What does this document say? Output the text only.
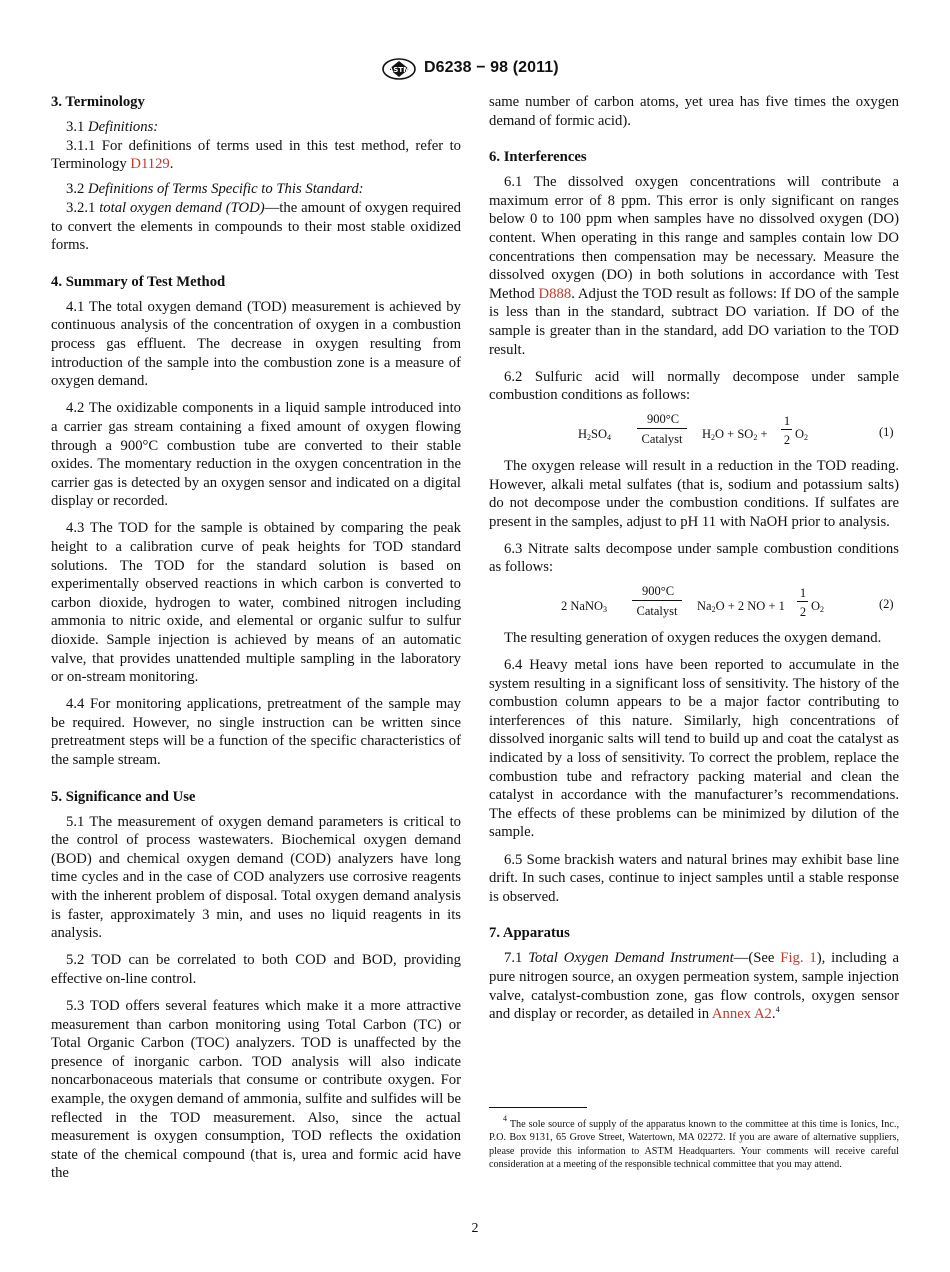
ASTM D6238 − 98 (2011)
3. Terminology

3.1 Definitions:

3.1.1 For definitions of terms used in this test method, refer to Terminology D1129.

3.2 Definitions of Terms Specific to This Standard:

3.2.1 total oxygen demand (TOD)—the amount of oxygen required to convert the elements in compounds to their most stable oxidized forms.

4. Summary of Test Method

4.1 The total oxygen demand (TOD) measurement is achieved by continuous analysis of the concentration of oxygen in a combustion process gas effluent. The decrease in oxygen resulting from introduction of the sample into the combustion zone is a measure of oxygen demand.

4.2 The oxidizable components in a liquid sample introduced into a carrier gas stream containing a fixed amount of oxygen flowing through a 900°C combustion tube are converted to their stable oxides. The momentary reduction in the oxygen concentration in the carrier gas is detected by an oxygen sensor and indicated on a digital display or recorded.

4.3 The TOD for the sample is obtained by comparing the peak height to a calibration curve of peak heights for TOD standard solutions. The TOD for the standard solution is based on experimentally observed reactions in which carbon is converted to carbon dioxide, hydrogen to water, combined nitrogen including ammonia to nitric oxide, and elemental or organic sulfur to sulfur dioxide. Sample injection is achieved by means of an automatic valve, that provides unattended multiple sampling in the laboratory or on-stream monitoring.

4.4 For monitoring applications, pretreatment of the sample may be required. However, no single instruction can be written since pretreatment steps will be a function of the specific characteristics of the sample stream.

5. Significance and Use

5.1 The measurement of oxygen demand parameters is critical to the control of process wastewaters. Biochemical oxygen demand (BOD) and chemical oxygen demand (COD) analyzers have long time cycles and in the case of COD analyzers use corrosive reagents with the inherent problem of disposal. Total oxygen demand analysis is faster, approximately 3 min, and uses no liquid reagents in its analysis.

5.2 TOD can be correlated to both COD and BOD, providing effective on-line control.

5.3 TOD offers several features which make it a more attractive measurement than carbon monitoring using Total Carbon (TC) or Total Organic Carbon (TOC) analyzers. TOD is unaffected by the presence of inorganic carbon. TOD analysis will also indicate noncarbonaceous materials that consume or contribute oxygen. For example, the oxygen demand of ammonia, sulfite and sulfides will be reflected in the TOD measurement. Also, since the actual measurement is oxygen consumption, TOD reflects the oxidation state of the chemical compound (that is, urea and formic acid have the

same number of carbon atoms, yet urea has five times the oxygen demand of formic acid).

6. Interferences

6.1 The dissolved oxygen concentrations will contribute a maximum error of 8 ppm. This error is only significant on ranges below 0 to 100 ppm when samples have no dissolved oxygen (DO) content. When operating in this range and samples contain low DO concentrations then compensation may be necessary. Measure the dissolved oxygen (DO) in both solutions in accordance with Test Method D888. Adjust the TOD result as follows: If DO of the sample is less than in the standard, subtract DO variation. If DO of the sample is greater than in the standard, add DO variation to the TOD result.

6.2 Sulfuric acid will normally decompose under sample combustion conditions as follows:

$H_2SO_4$
900°C
Catalyst	$H_2O + SO_2$ +
1
2 $O_2$	(1)

The oxygen release will result in a reduction in the TOD reading. However, alkali metal sulfates (that is, sodium and potassium salts) do not decompose under the combustion conditions. If sulfates are present in the samples, adjust to pH 11 with NaOH prior to analysis.

6.3 Nitrate salts decompose under sample combustion conditions as follows:

2 NaNO$_3$
900°C
Catalyst	$Na_2O + 2$ NO + 1
1
2 $O_2$	(2)

The resulting generation of oxygen reduces the oxygen demand.

6.4 Heavy metal ions have been reported to accumulate in the system resulting in a significant loss of sensitivity. The history of the combustion column appears to be a major factor contributing to interferences of this nature. Similarly, high concentrations of dissolved inorganic salts will tend to build up and coat the catalyst as indicated by a loss of sensitivity. To correct the problem, replace the combustion tube and refractory packing material and clean the catalyst in accordance with the manufacturer’s recommendations. The effects of these problems can be minimized by dilution of the sample.

6.5 Some brackish waters and natural brines may exhibit base line drift. In such cases, continue to inject samples until a stable response is observed.

7. Apparatus

7.1 Total Oxygen Demand Instrument—(See Fig. 1), including a pure nitrogen source, an oxygen permeation system, sample injection valve, catalyst-combustion zone, gas flow controls, oxygen sensor and display or recorder, as detailed in Annex A2.$^4$

$^4$ The sole source of supply of the apparatus known to the committee at this time is Ionics, Inc., P.O. Box 9131, 65 Grove Street, Watertown, MA 02272. If you are aware of alternative suppliers, please provide this information to ASTM Headquarters. Your comments will receive careful consideration at a meeting of the responsible technical committee that you may attend.

2
